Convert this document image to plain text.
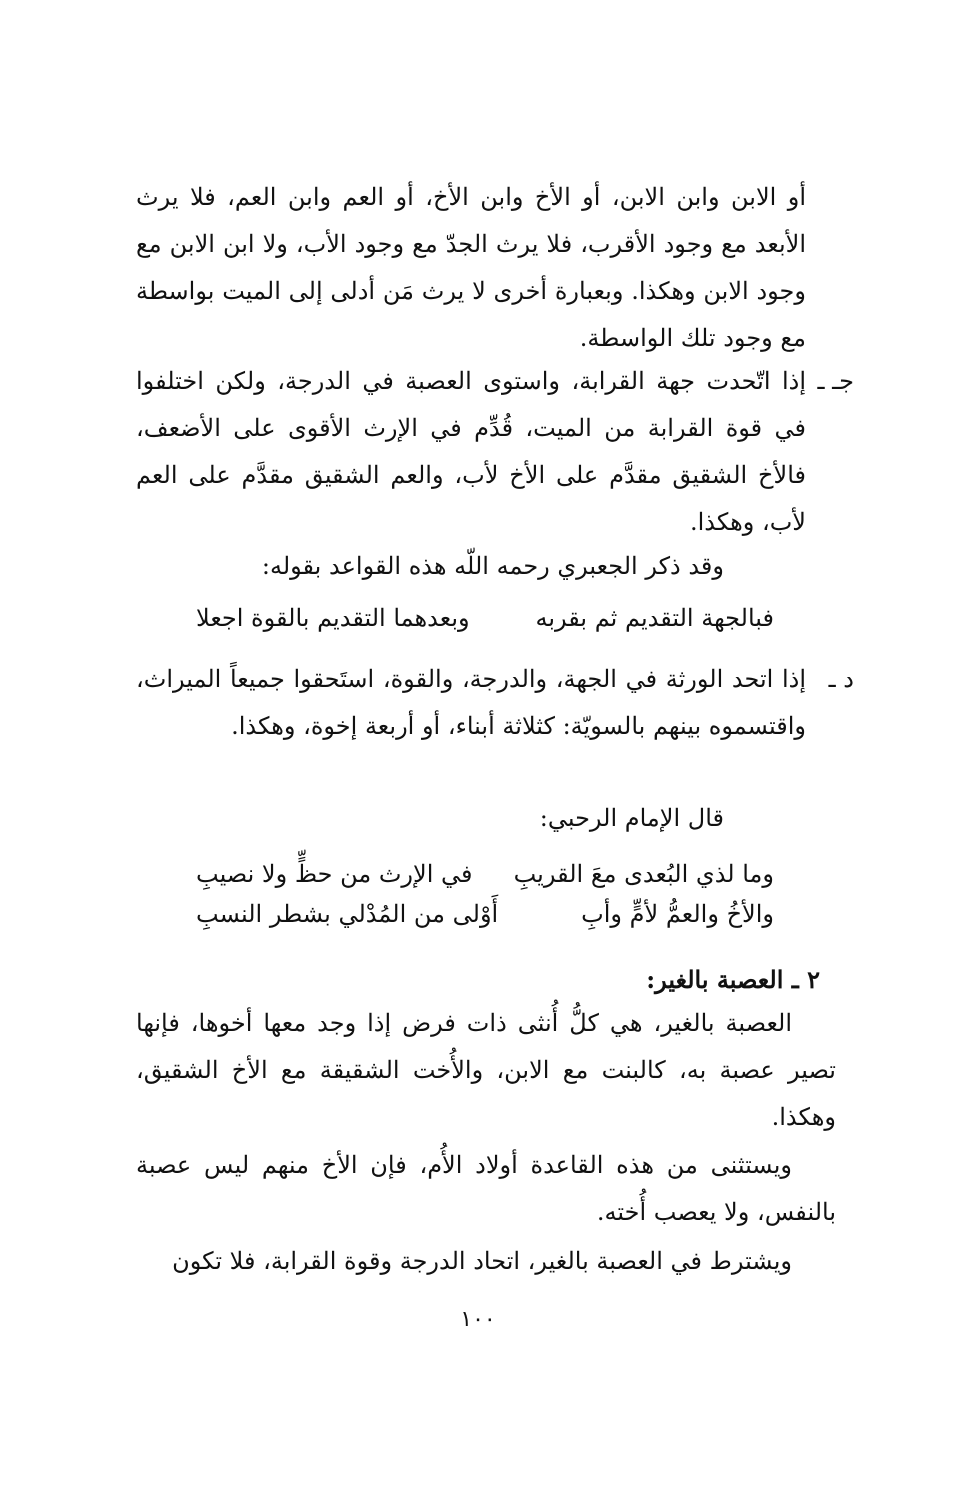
أو الابن وابن الابن، أو الأخ وابن الأخ، أو العم وابن العم، فلا يرث الأبعد مع وجود الأقرب، فلا يرث الجدّ مع وجود الأب، ولا ابن الابن مع وجود الابن وهكذا. وبعبارة أخرى لا يرث مَن أدلى إلى الميت بواسطة مع وجود تلك الواسطة.
جـ ـ
إذا اتّحدت جهة القرابة، واستوى العصبة في الدرجة، ولكن اختلفوا في قوة القرابة من الميت، قُدِّم في الإرث الأقوى على الأضعف، فالأخ الشقيق مقدَّم على الأخ لأب، والعم الشقيق مقدَّم على العم لأب، وهكذا.
وقد ذكر الجعبري رحمه اللّه هذه القواعد بقوله:
فبالجهة التقديم ثم بقربه
وبعدهما التقديم بالقوة اجعلا
د ـ
إذا اتحد الورثة في الجهة، والدرجة، والقوة، استَحقوا جميعاً الميراث، واقتسموه بينهم بالسويّة: كثلاثة أبناء، أو أربعة إخوة، وهكذا.
قال الإمام الرحبي:
وما لذي البُعدى معَ القريبِ
في الإرث من حظٍّ ولا نصيبِ
والأخُ والعمُّ لأمٍّ وأبِ
أَوْلى من المُدْلي بشطر النسبِ
٢ ـ العصبة بالغير:
العصبة بالغير، هي كلُّ أُنثى ذات فرض إذا وجد معها أخوها، فإنها تصير عصبة به، كالبنت مع الابن، والأُخت الشقيقة مع الأخ الشقيق، وهكذا.
ويستثنى من هذه القاعدة أولاد الأُم، فإن الأخ منهم ليس عصبة بالنفس، ولا يعصب أُخته.
ويشترط في العصبة بالغير، اتحاد الدرجة وقوة القرابة، فلا تكون
١٠٠
